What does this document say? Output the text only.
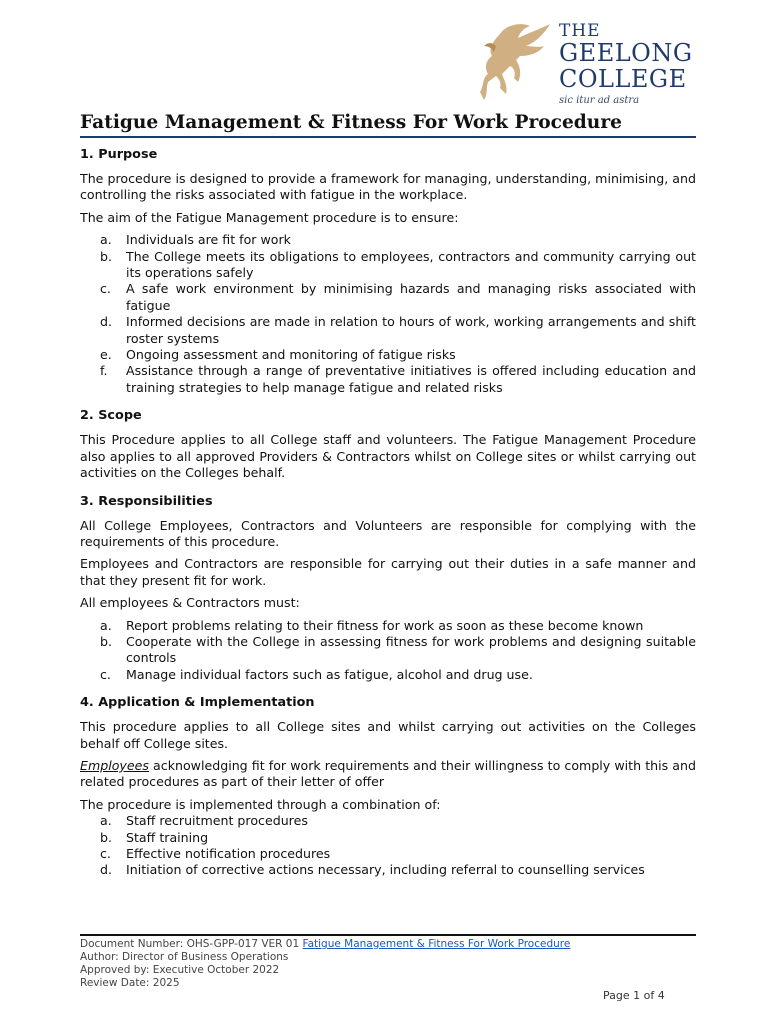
THE
GEELONG
COLLEGE
sic itur ad astra
Fatigue Management & Fitness For Work Procedure
1. Purpose

The procedure is designed to provide a framework for managing, understanding, minimising, and controlling the risks associated with fatigue in the workplace.

The aim of the Fatigue Management procedure is to ensure:

a.	Individuals are fit for work
b.	The College meets its obligations to employees, contractors and community carrying out its operations safely
c.	A safe work environment by minimising hazards and managing risks associated with fatigue
d.	Informed decisions are made in relation to hours of work, working arrangements and shift roster systems
e.	Ongoing assessment and monitoring of fatigue risks
f.	Assistance through a range of preventative initiatives is offered including education and training strategies to help manage fatigue and related risks
2. Scope

This Procedure applies to all College staff and volunteers. The Fatigue Management Procedure also applies to all approved Providers & Contractors whilst on College sites or whilst carrying out activities on the Colleges behalf.

3. Responsibilities

All College Employees, Contractors and Volunteers are responsible for complying with the requirements of this procedure.

Employees and Contractors are responsible for carrying out their duties in a safe manner and that they present fit for work.

All employees & Contractors must:

a.	Report problems relating to their fitness for work as soon as these become known
b.	Cooperate with the College in assessing fitness for work problems and designing suitable controls
c.	Manage individual factors such as fatigue, alcohol and drug use.
4. Application & Implementation

This procedure applies to all College sites and whilst carrying out activities on the Colleges behalf off College sites.

Employees acknowledging fit for work requirements and their willingness to comply with this and related procedures as part of their letter of offer

The procedure is implemented through a combination of:

a.	Staff recruitment procedures
b.	Staff training
c.	Effective notification procedures
d.	Initiation of corrective actions necessary, including referral to counselling services
Document Number: OHS-GPP-017 VER 01 Fatigue Management & Fitness For Work Procedure
Author: Director of Business Operations
Approved by: Executive October 2022
Review Date: 2025
Page 1 of 4
